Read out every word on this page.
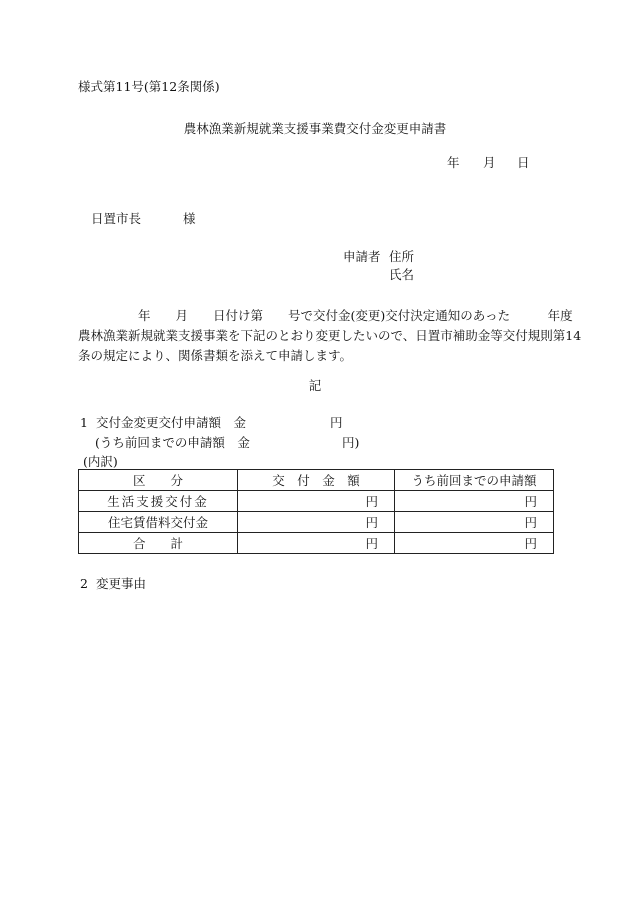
様式第11号(第12条関係)
農林漁業新規就業支援事業費交付金変更申請書
年 月 日
日置市長	様
申請者 住所
氏名
年　　月　　日付け第　　号で交付金(変更)交付決定通知のあった　　　年度
農林漁業新規就業支援事業を下記のとおり変更したいので、日置市補助金等交付規則第14
条の規定により、関係書類を添えて申請します。
記
1 交付金変更交付申請額　金	円
(うち前回までの申請額　金	円)
(内訳)
区　　分	交　付　金　額	うち前回までの申請額
生活支援交付金	円	円
住宅賃借料交付金	円	円
合　　計	円	円
2 変更事由
